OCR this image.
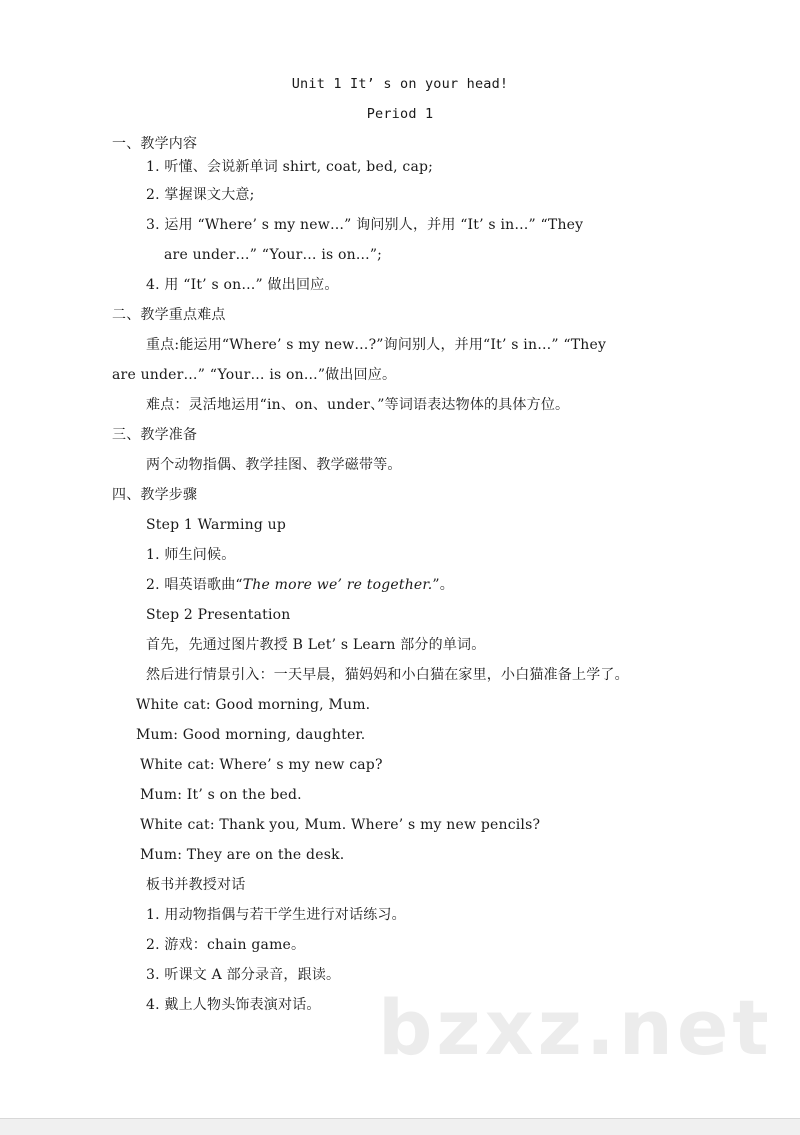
Unit 1 It’ s on your head!
Period 1
一、教学内容
1. 听懂、会说新单词 shirt, coat, bed, cap;
2. 掌握课文大意;
3. 运用 “Where’ s my new…” 询问别人，并用 “It’ s in…” “They
are under…” “Your… is on...”;
4. 用 “It’ s on…” 做出回应。
二、教学重点难点
重点:能运用“Where’ s my new…?”询问别人，并用“It’ s in…” “They
are under…” “Your… is on...”做出回应。
难点：灵活地运用“in、on、under、”等词语表达物体的具体方位。
三、教学准备
两个动物指偶、教学挂图、教学磁带等。
四、教学步骤
Step 1 Warming up
1. 师生问候。
2. 唱英语歌曲“The more we’ re together.”。
Step 2 Presentation
首先，先通过图片教授 B Let’ s Learn 部分的单词。
然后进行情景引入：一天早晨，猫妈妈和小白猫在家里，小白猫准备上学了。
White cat: Good morning, Mum.
Mum: Good morning, daughter.
White cat: Where’ s my new cap?
Mum: It’ s on the bed.
White cat: Thank you, Mum. Where’ s my new pencils?
Mum: They are on the desk.
板书并教授对话
1. 用动物指偶与若干学生进行对话练习。
2. 游戏：chain game。
3. 听课文 A 部分录音，跟读。
4. 戴上人物头饰表演对话。 bzxz.net
